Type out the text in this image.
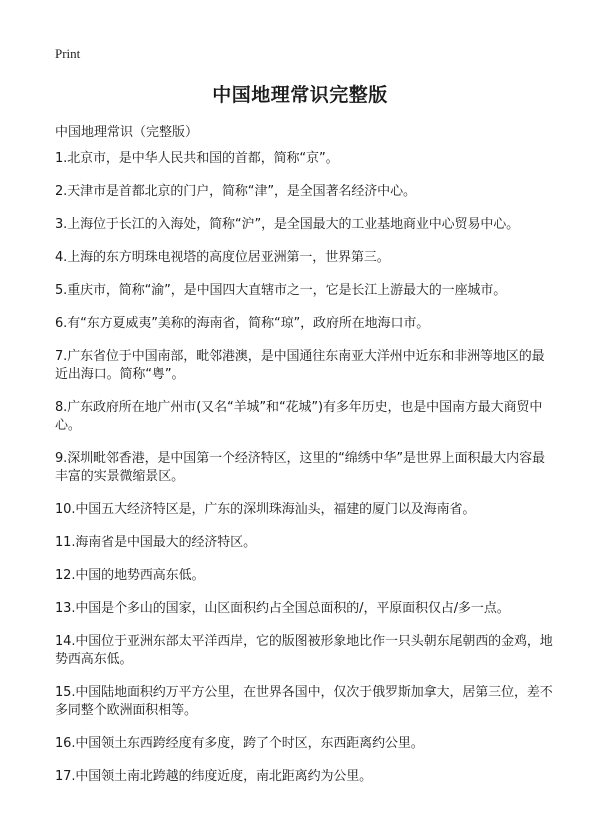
Print
中国地理常识完整版

中国地理常识（完整版）

1.北京市，是中华人民共和国的首都，简称“京”。

2.天津市是首都北京的门户，简称“津”，是全国著名经济中心。

3.上海位于长江的入海处，简称“沪”，是全国最大的工业基地商业中心贸易中心。

4.上海的东方明珠电视塔的高度位居亚洲第一，世界第三。

5.重庆市，简称“渝”，是中国四大直辖市之一，它是长江上游最大的一座城市。

6.有“东方夏威夷”美称的海南省，简称“琼”，政府所在地海口市。

7.广东省位于中国南部，毗邻港澳，是中国通往东南亚大洋州中近东和非洲等地区的最近出海口。简称“粤”。

8.广东政府所在地广州市(又名“羊城”和“花城”)有多年历史，也是中国南方最大商贸中心。

9.深圳毗邻香港，是中国第一个经济特区，这里的“绵绣中华”是世界上面积最大内容最丰富的实景微缩景区。

10.中国五大经济特区是，广东的深圳珠海汕头，福建的厦门以及海南省。

11.海南省是中国最大的经济特区。

12.中国的地势西高东低。

13.中国是个多山的国家，山区面积约占全国总面积的/，平原面积仅占/多一点。

14.中国位于亚洲东部太平洋西岸，它的版图被形象地比作一只头朝东尾朝西的金鸡，地势西高东低。

15.中国陆地面积约万平方公里，在世界各国中，仅次于俄罗斯加拿大，居第三位，差不多同整个欧洲面积相等。

16.中国领土东西跨经度有多度，跨了个时区，东西距离约公里。

17.中国领土南北跨越的纬度近度，南北距离约为公里。
